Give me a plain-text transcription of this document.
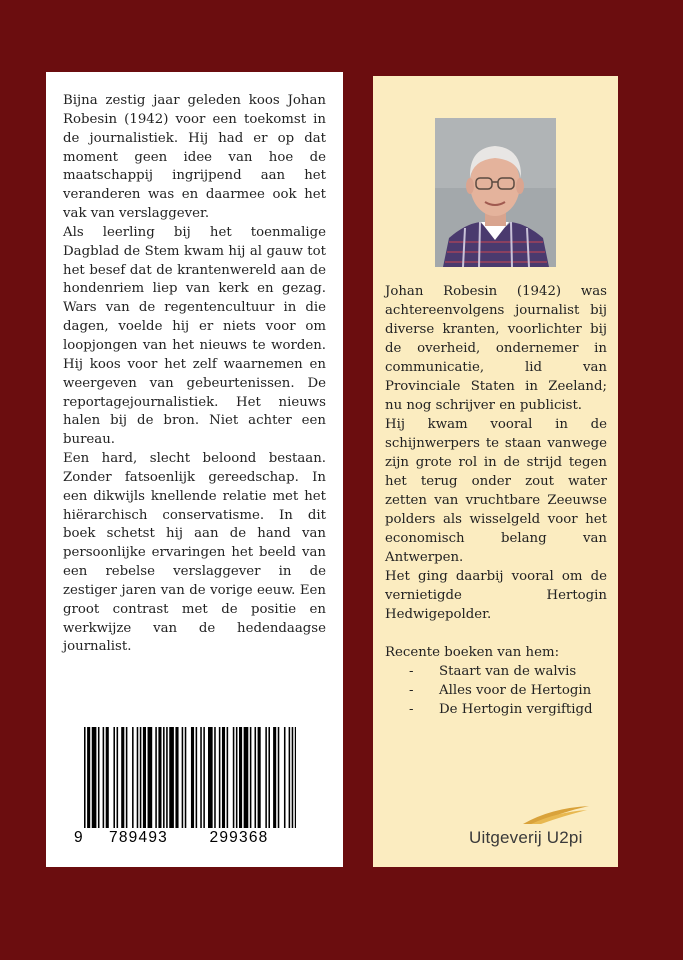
Bijna zestig jaar geleden koos Johan Robesin (1942) voor een toekomst in de journalistiek. Hij had er op dat moment geen idee van hoe de maatschappij ingrijpend aan het veranderen was en daarmee ook het vak van verslaggever.

Als leerling bij het toenmalige Dagblad de Stem kwam hij al gauw tot het besef dat de krantenwereld aan de hondenriem liep van kerk en gezag. Wars van de regentencultuur in die dagen, voelde hij er niets voor om loopjongen van het nieuws te worden. Hij koos voor het zelf waarnemen en weergeven van gebeurtenissen. De reportagejournalistiek. Het nieuws halen bij de bron. Niet achter een bureau.

Een hard, slecht beloond bestaan. Zonder fatsoenlijk gereedschap. In een dikwijls knellende relatie met het hiërarchisch conservatisme. In dit boek schetst hij aan de hand van persoonlijke ervaringen het beeld van een rebelse verslaggever in de zestiger jaren van de vorige eeuw. Een groot contrast met de positie en werkwijze van de hedendaagse journalist.

9	789493	299368

Johan Robesin (1942) was achtereenvolgens journalist bij diverse kranten, voorlichter bij de overheid, ondernemer in communicatie, lid van Provinciale Staten in Zeeland; nu nog schrijver en publicist.

Hij kwam vooral in de schijnwerpers te staan vanwege zijn grote rol in de strijd tegen het terug onder zout water zetten van vruchtbare Zeeuwse polders als wisselgeld voor het economisch belang van Antwerpen.

Het ging daarbij vooral om de vernietigde Hertogin Hedwigepolder.

Recente boeken van hem:

-	Staart van de walvis
-	Alles voor de Hertogin
-	De Hertogin vergiftigd
Uitgeverij U2pi
